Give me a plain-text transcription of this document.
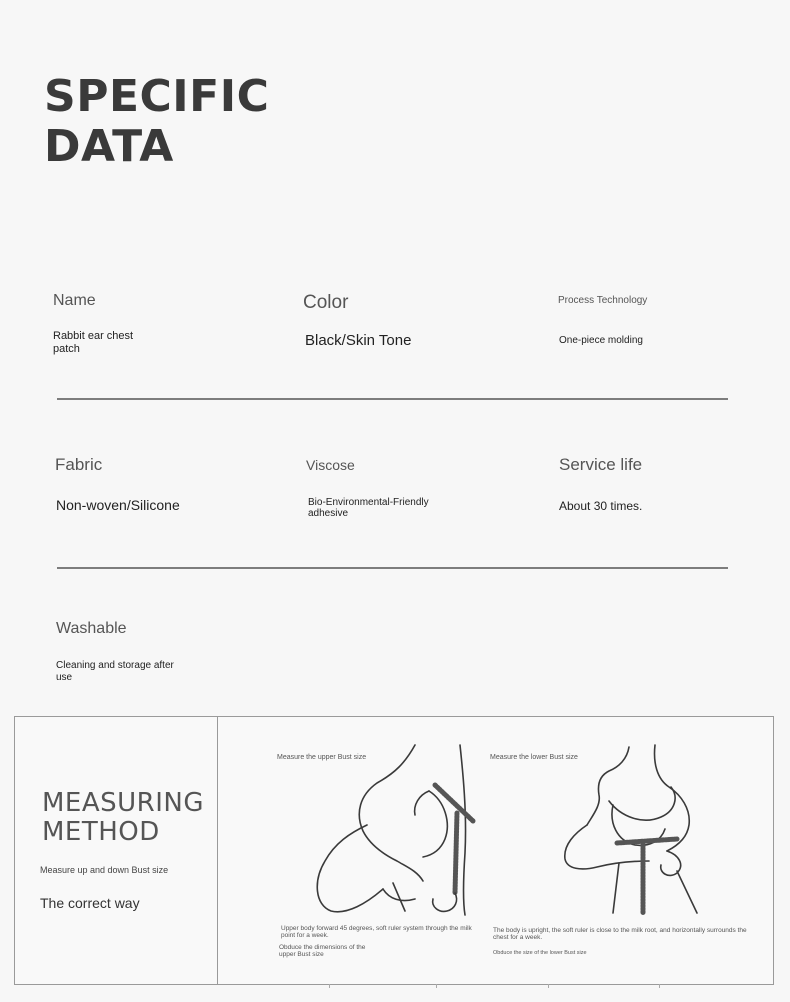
SPECIFIC
DATA
Name
Rabbit ear chest patch
Color
Black/Skin Tone
Process Technology
One-piece molding
Fabric
Non-woven/Silicone
Viscose
Bio-Environmental-Friendly adhesive
Service life
About 30 times.
Washable
Cleaning and storage after use
MEASURING
METHOD
Measure up and down Bust size
The correct way
Measure the upper Bust size	Measure the lower Bust size
Upper body forward 45 degrees, soft ruler system through the milk point for a week.
Obduce the dimensions of the upper Bust size
The body is upright, the soft ruler is close to the milk root, and horizontally surrounds the chest for a week.
Obduce the size of the lower Bust size
